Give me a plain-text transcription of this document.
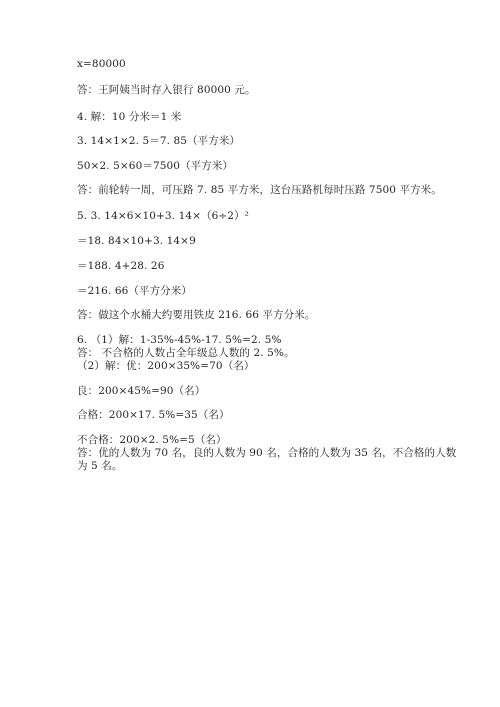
x=80000
答：王阿姨当时存入银行 80000 元。
4. 解：10 分米＝1 米
3. 14×1×2. 5＝7. 85（平方米）
50×2. 5×60＝7500（平方米）
答：前轮转一周，可压路 7. 85 平方米，这台压路机每时压路 7500 平方米。
5. 3. 14×6×10+3. 14×（6÷2）²
＝18. 84×10+3. 14×9
＝188. 4+28. 26
＝216. 66（平方分米）
答：做这个水桶大约要用铁皮 216. 66 平方分米。
6. （1）解：1-35%-45%-17. 5%=2. 5%
答： 不合格的人数占全年级总人数的 2. 5%。
（2）解：优：200×35%=70（名）
良：200×45%=90（名）
合格：200×17. 5%=35（名）
不合格：200×2. 5%=5（名）
答：优的人数为 70 名，良的人数为 90 名，合格的人数为 35 名，不合格的人数
为 5 名。
